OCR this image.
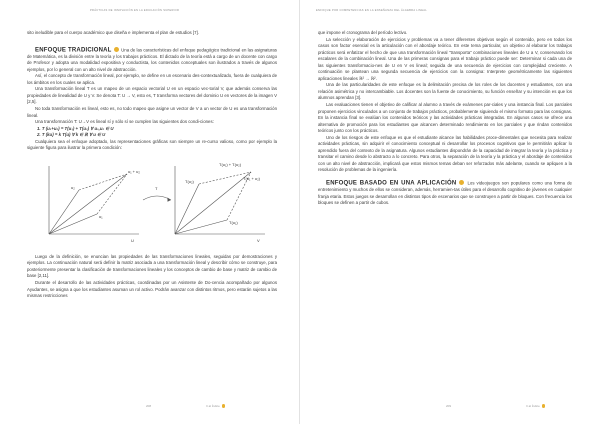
PRÁCTICAS DE INNOVACIÓN EN LA EDUCACIÓN SUPERIOR

sito ineludible para el cuerpo académico que diseña e implementa el plan de estudios [7].

ENFOQUE TRADICIONAL Una de las características del enfoque pedagógico tradicional en las asignaturas de Matemática, es la división entre la teoría y los trabajos prácticos. El dictado de la teoría está a cargo de un docente con cargo de Profesor y adopta una modalidad expositiva y conductista, los contenidos conceptuales son ilustrados a través de algunos ejemplos, por lo general con un alto nivel de abstracción.

Así, el concepto de transformación lineal, por ejemplo, se define en un escenario des-contextualizado, fuera de cualquiera de los ámbitos en los cuales se aplica.

Una transformación lineal T es un mapeo de un espacio vectorial U en un espacio vec-torial V, que además conserva las propiedades de linealidad de U y V. Se denota T: U → V, esto es, T transforma vectores del dominio U en vectores de la imagen V [2,5].

No toda transformación es lineal, esto es, no todo mapeo que asigne un vector de V a un vector de U es una transformación lineal.

Una transformación T: U→V es lineal sí y sólo sí se cumplen las siguientes dos condi-ciones:

1. T (u₁+u₂) = T(u₁) + T(u₂) ∀ u₁,u₂ ∈ U

2. T (ku) = k T(u) ∀ k ∈ ℝ ∀ u ∈ U

Cualquiera sea el enfoque adoptado, las representaciones gráficas son siempre un re-curso valioso, como por ejemplo la siguiente figura para ilustrar la primera condición:

U	V
u₁
u₂
u₁ + u₂
T
T(u₁)
T(u₂)
T(u₁) + T(u₂)
T(u₁ + u₂)

Luego de la definición, se enuncian las propiedades de las transformaciones lineales, seguidas por demostraciones y ejemplos. La continuación natural será definir la matriz asociada a una transformación lineal y describir cómo se construye, para posteriormente presentar la clasificación de transformaciones lineales y los conceptos de cambio de base y matriz de cambio de base [2,11].

Durante el desarrollo de las actividades prácticas, coordinadas por un Asistente de Do-cencia acompañado por algunos Ayudantes, se asigna a que los estudiantes asuman un rol activo. Podrán avanzar con distintos ritmos, pero estarán sujetos a las mismas restricciones

208	Ir al Índice
ENFOQUE POR COMPETENCIAS EN LA ENSEÑANZA DEL ÁLGEBRA LINEAL

que impone el cronograma del período lectivo.

La selección y elaboración de ejercicios y problemas va a tener diferentes objetivos según el contenido, pero en todos los casos son factor esencial es la articulación con el abordaje teórico. En este tema particular, un objetivo al elaborar los trabajos prácticos será enfatizar el hecho de que una transformación lineal "transporta" combinaciones lineales de U a V, conservando los escalares de la combinación lineal. Una de las primeras consignas para el trabajo práctico puede ser: Determinar si cada una de las siguientes transformacio-nes de U en V es lineal; seguida de una secuencia de ejercicios con complejidad creciente. A continuación se plantean una segunda secuencia de ejercicios con la consigna: Interprete geométricamente las siguientes aplicaciones lineales ℝ² → ℝ².

Una de las particularidades de este enfoque es la delimitación precisa de los roles de los docentes y estudiantes, con una relación asimétrica y no intercambiable. Los docentes son la fuente de conocimiento, su función enseñar y su intención es que los alumnos aprendan [3].

Las evaluaciones tienen el objetivo de calificar al alumno a través de exámenes par-ciales y una instancia final. Los parciales proponen ejercicios vinculados a un conjunto de trabajos prácticos, probablemente siguiendo el mismo formato para las consignas. En la instancia final se evalúan los contenidos teóricos y las actividades prácticas integradas. En algunos casos se ofrece una alternativa de promoción para los estudiantes que alcancen determinado rendimiento en los parciales y que rindan contenidos teóricos junto con los prácticos.

Uno de los riesgos de este enfoque es que el estudiante alcance las habilidades proce-dimentales que necesita para realizar actividades prácticas, sin adquirir el conocimiento conceptual ni desarrollar los procesos cognitivos que le permitirán aplicar lo aprendido fuera del contexto de la asignatura. Algunos estudiantes dispondrán de la capacidad de integrar la teoría y la práctica y transitar el camino desde lo abstracto a lo concreto. Para otros, la separación de la teoría y la práctica y el abordaje de contenidos con un alto nivel de abstracción, implicará que estos mismos temas deban ser reforzados más adelante, cuando se apliquen a la resolución de problemas de la ingeniería.

ENFOQUE BASADO EN UNA APLICACIÓN	Los videojuegos son populares como una forma de entretenimiento y muchos de ellos se consideran, además, herramien-tas útiles para el desarrollo cognitivo de jóvenes en cualquier franja etaria. Estos juegos se desarrollan en distintos tipos de escenarios que se construyen a partir de bloques. Con frecuencia los bloques se definen a partir de cubos.

209	Ir al Índice
